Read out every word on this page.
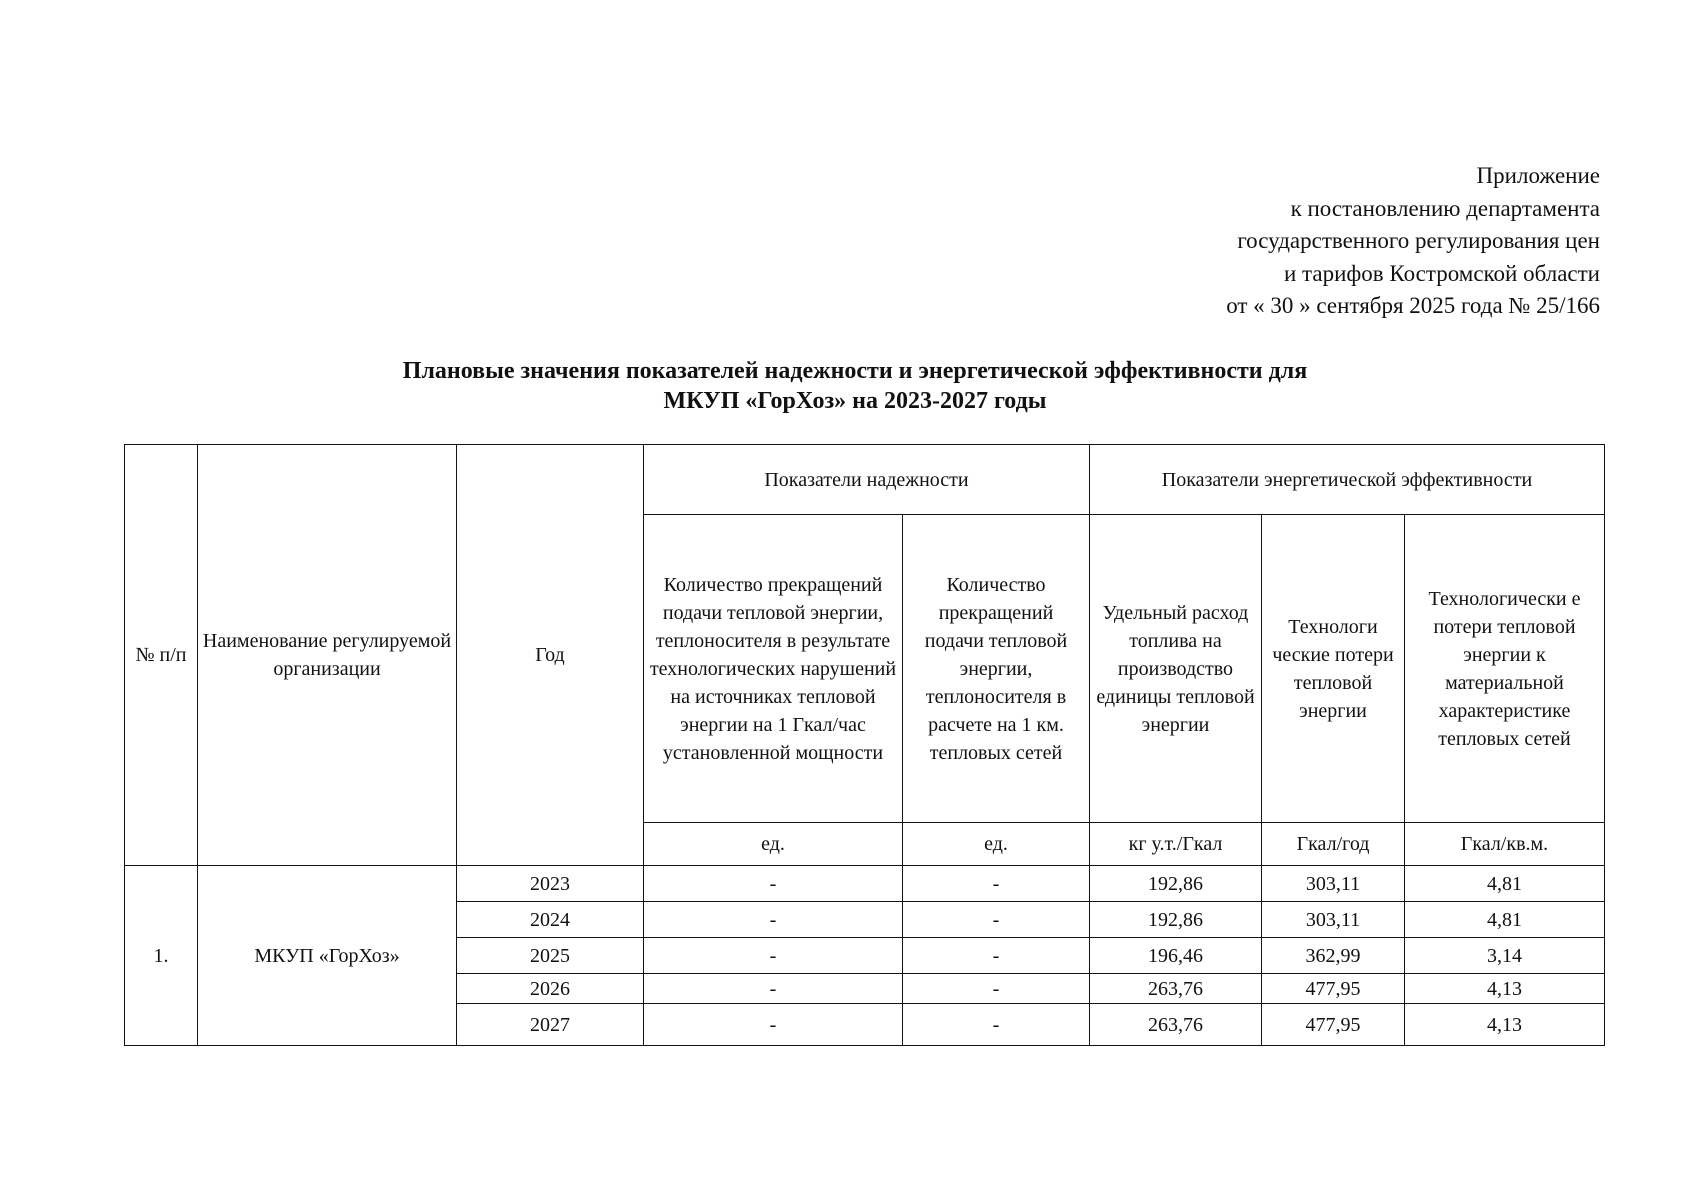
Приложение
к постановлению департамента
государственного регулирования цен
и тарифов Костромской области
от « 30 » сентября 2025 года № 25/166
Плановые значения показателей надежности и энергетической эффективности для
МКУП «ГорХоз» на 2023-2027 годы
№ п/п	Наименование регулируемой организации	Год	Показатели надежности		Показатели энергетической эффективности		
			Количество прекращений подачи тепловой энергии, теплоносителя в результате технологических нарушений на источниках тепловой энергии на 1 Гкал/час установленной мощности	Количество прекращений подачи тепловой энергии, теплоносителя в расчете на 1 км. тепловых сетей	Удельный расход топлива на производство единицы тепловой энергии	Технологи ческие потери тепловой энергии	Технологически е потери тепловой энергии к материальной характеристике тепловых сетей
			ед.	ед.	кг у.т./Гкал	Гкал/год	Гкал/кв.м.
1.	МКУП «ГорХоз»	2023	-	-	192,86	303,11	4,81
		2024	-	-	192,86	303,11	4,81
		2025	-	-	196,46	362,99	3,14
		2026	-	-	263,76	477,95	4,13
		2027	-	-	263,76	477,95	4,13
